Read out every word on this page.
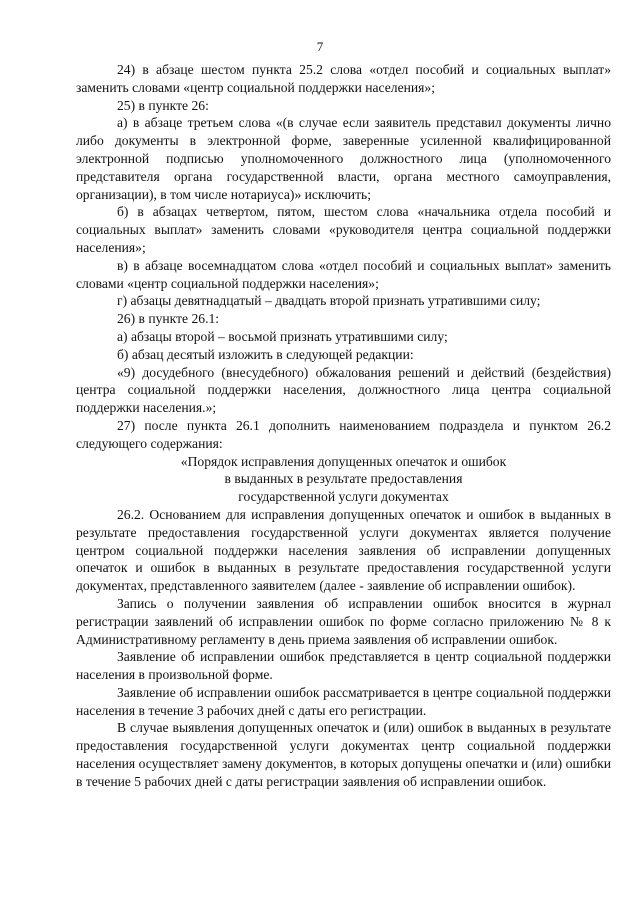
7

24) в абзаце шестом пункта 25.2 слова «отдел пособий и социальных выплат» заменить словами «центр социальной поддержки населения»;

25) в пункте 26:

а) в абзаце третьем слова «(в случае если заявитель представил документы лично либо документы в электронной форме, заверенные усиленной квалифицированной электронной подписью уполномоченного должностного лица (уполномоченного представителя органа государственной власти, органа местного самоуправления, организации), в том числе нотариуса)» исключить;

б) в абзацах четвертом, пятом, шестом слова «начальника отдела пособий и социальных выплат» заменить словами «руководителя центра социальной поддержки населения»;

в) в абзаце восемнадцатом слова «отдел пособий и социальных выплат» заменить словами «центр социальной поддержки населения»;

г) абзацы девятнадцатый – двадцать второй признать утратившими силу;

26) в пункте 26.1:

а) абзацы второй – восьмой признать утратившими силу;

б) абзац десятый изложить в следующей редакции:

«9) досудебного (внесудебного) обжалования решений и действий (бездействия) центра социальной поддержки населения, должностного лица центра социальной поддержки населения.»;

27) после пункта 26.1 дополнить наименованием подраздела и пунктом 26.2 следующего содержания:

«Порядок исправления допущенных опечаток и ошибок

в выданных в результате предоставления

государственной услуги документах

26.2. Основанием для исправления допущенных опечаток и ошибок в выданных в результате предоставления государственной услуги документах является получение центром социальной поддержки населения заявления об исправлении допущенных опечаток и ошибок в выданных в результате предоставления государственной услуги документах, представленного заявителем (далее - заявление об исправлении ошибок).

Запись о получении заявления об исправлении ошибок вносится в журнал регистрации заявлений об исправлении ошибок по форме согласно приложению № 8 к Административному регламенту в день приема заявления об исправлении ошибок.

Заявление об исправлении ошибок представляется в центр социальной поддержки населения в произвольной форме.

Заявление об исправлении ошибок рассматривается в центре социальной поддержки населения в течение 3 рабочих дней с даты его регистрации.

В случае выявления допущенных опечаток и (или) ошибок в выданных в результате предоставления государственной услуги документах центр социальной поддержки населения осуществляет замену документов, в которых допущены опечатки и (или) ошибки в течение 5 рабочих дней с даты регистрации заявления об исправлении ошибок.
